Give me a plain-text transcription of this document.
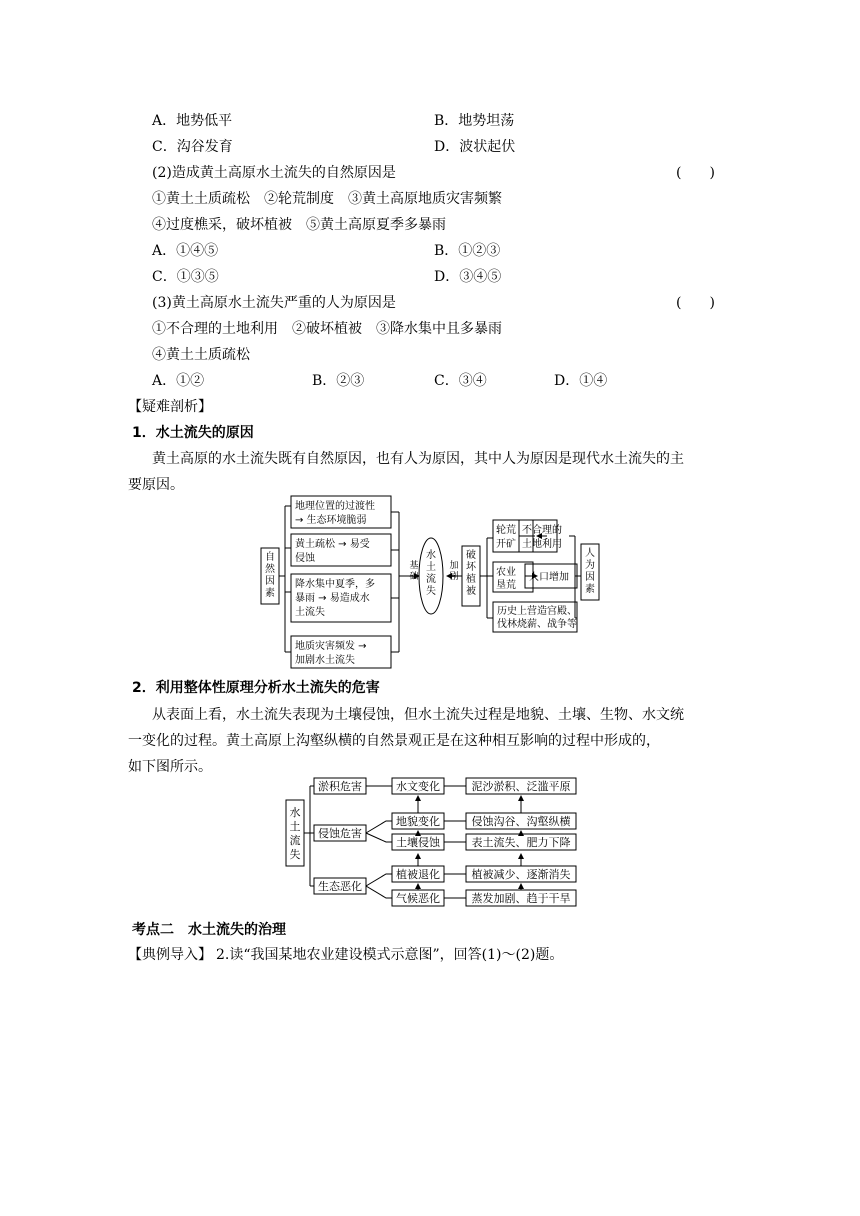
A．地势低平	B．地势坦荡
C．沟谷发育	D．波状起伏
(2)造成黄土高原水土流失的自然原因是	(　　)
①黄土土质疏松　②轮荒制度　③黄土高原地质灾害频繁
④过度樵采，破坏植被　⑤黄土高原夏季多暴雨
A．①④⑤	B．①②③
C．①③⑤	D．③④⑤
(3)黄土高原水土流失严重的人为原因是	(　　)
①不合理的土地利用　②破坏植被　③降水集中且多暴雨
④黄土土质疏松
A．①②	B．②③	C．③④	D．①④
【疑难剖析】
1．水土流失的原因
黄土高原的水土流失既有自然原因，也有人为原因，其中人为原因是现代水土流失的主
要原因。
自
然
因
素
地理位置的过渡性
→ 生态环境脆弱
黄土疏松 → 易受
侵蚀
降水集中夏季，多
暴雨 → 易造成水
土流失
地质灾害频发 →
加剧水土流失
基
础
水
土
流
失
加
剧
破
坏
植
被
轮荒
开矿
不合理的
土地利用
农业
垦荒
人口增加
历史上营造宫殿、
伐林烧薪、战争等
人
为
因
素
2．利用整体性原理分析水土流失的危害
从表面上看，水土流失表现为土壤侵蚀，但水土流失过程是地貌、土壤、生物、水文统
一变化的过程。黄土高原上沟壑纵横的自然景观正是在这种相互影响的过程中形成的，
如下图所示。
水
土
流
失
淤积危害
侵蚀危害
生态恶化
水文变化
地貌变化
土壤侵蚀
植被退化
气候恶化
泥沙淤积、泛滥平原
侵蚀沟谷、沟壑纵横
表土流失、肥力下降
植被减少、逐渐消失
蒸发加剧、趋于干旱
考点二　水土流失的治理
【典例导入】 2.读“我国某地农业建设模式示意图”，回答(1)～(2)题。
